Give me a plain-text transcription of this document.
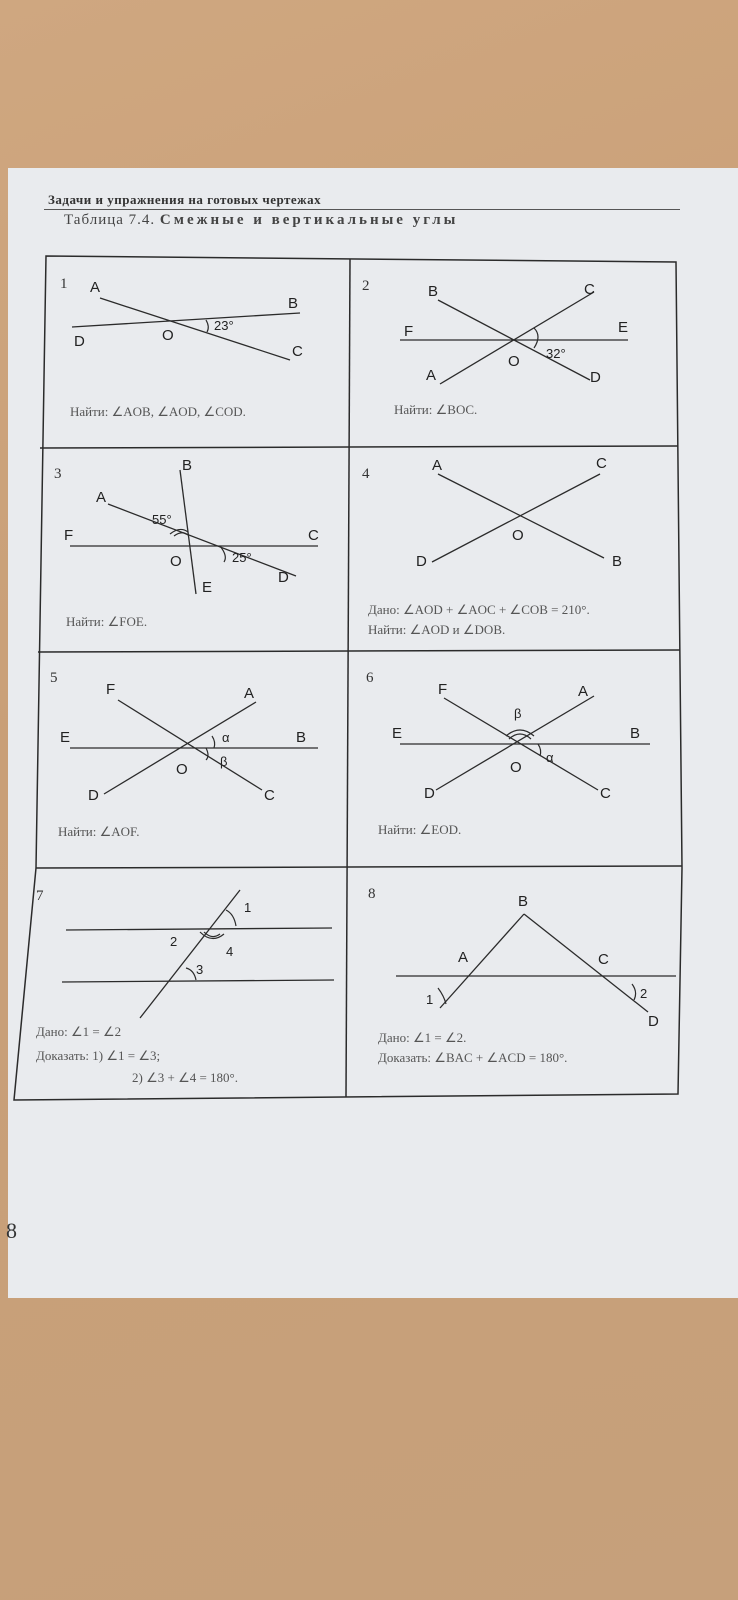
Задачи и упражнения на готовых чертежах
Таблица 7.4. Смежные и вертикальные углы
1 A
B
C
D	O
23°
Найти: ∠AOB, ∠AOD, ∠COD.
2	B	C
E
F
A	D
O 32°
Найти: ∠BOC.
3	B
A
F	C
D
E
O
55°
25°
Найти: ∠FOE.
4	A	C
D	B
O
Дано: ∠AOD + ∠AOC + ∠COB = 210°.
Найти: ∠AOD и ∠DOB.
5
F	A
E	B
D	C
O
α
β
Найти: ∠AOF.
6
F	A
E	B
D	C
O
β
α
Найти: ∠EOD.
7
1
2
3
4
Дано: ∠1 = ∠2
Доказать: 1) ∠1 = ∠3;
2) ∠3 + ∠4 = 180°.
8	B
A	C
D
1	2
Дано: ∠1 = ∠2.
Доказать: ∠BAC + ∠ACD = 180°.
8
